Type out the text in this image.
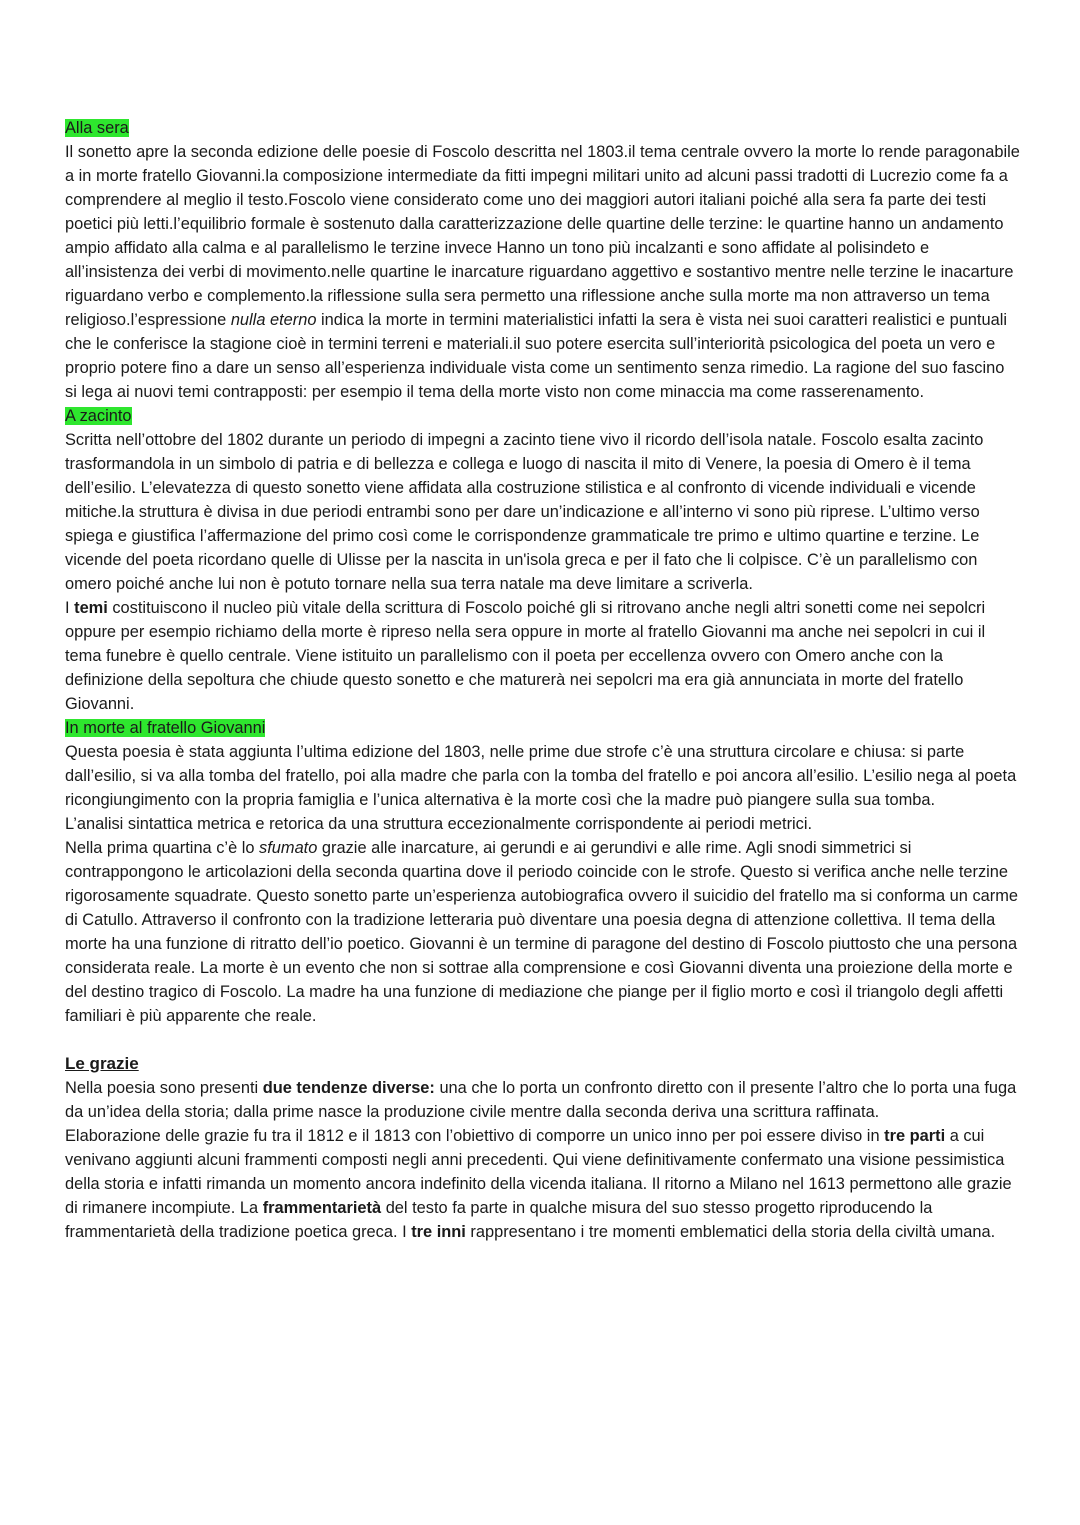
Alla sera

Il sonetto apre la seconda edizione delle poesie di Foscolo descritta nel 1803.il tema centrale ovvero la morte lo rende paragonabile a in morte fratello Giovanni.la composizione intermediate da fitti impegni militari unito ad alcuni passi tradotti di Lucrezio come fa a comprendere al meglio il testo.Foscolo viene considerato come uno dei maggiori autori italiani poiché alla sera fa parte dei testi poetici più letti.l’equilibrio formale è sostenuto dalla caratterizzazione delle quartine delle terzine: le quartine hanno un andamento ampio affidato alla calma e al parallelismo le terzine invece Hanno un tono più incalzanti e sono affidate al polisindeto e all’insistenza dei verbi di movimento.nelle quartine le inarcature riguardano aggettivo e sostantivo mentre nelle terzine le inacarture riguardano verbo e complemento.la riflessione sulla sera permetto una riflessione anche sulla morte ma non attraverso un tema religioso.l’espressione nulla eterno indica la morte in termini materialistici infatti la sera è vista nei suoi caratteri realistici e puntuali che le conferisce la stagione cioè in termini terreni e materiali.il suo potere esercita sull’interiorità psicologica del poeta un vero e proprio potere fino a dare un senso all’esperienza individuale vista come un sentimento senza rimedio. La ragione del suo fascino si lega ai nuovi temi contrapposti: per esempio il tema della morte visto non come minaccia ma come rasserenamento.

A zacinto

Scritta nell’ottobre del 1802 durante un periodo di impegni a zacinto tiene vivo il ricordo dell’isola natale. Foscolo esalta zacinto trasformandola in un simbolo di patria e di bellezza e collega e luogo di nascita il mito di Venere, la poesia di Omero è il tema dell’esilio. L’elevatezza di questo sonetto viene affidata alla costruzione stilistica e al confronto di vicende individuali e vicende mitiche.la struttura è divisa in due periodi entrambi sono per dare un’indicazione e all’interno vi sono più riprese. L’ultimo verso spiega e giustifica l’affermazione del primo così come le corrispondenze grammaticale tre primo e ultimo quartine e terzine. Le vicende del poeta ricordano quelle di Ulisse per la nascita in un'isola greca e per il fato che li colpisce. C’è un parallelismo con omero poiché anche lui non è potuto tornare nella sua terra natale ma deve limitare a scriverla.

I temi costituiscono il nucleo più vitale della scrittura di Foscolo poiché gli si ritrovano anche negli altri sonetti come nei sepolcri oppure per esempio richiamo della morte è ripreso nella sera oppure in morte al fratello Giovanni ma anche nei sepolcri in cui il tema funebre è quello centrale. Viene istituito un parallelismo con il poeta per eccellenza ovvero con Omero anche con la definizione della sepoltura che chiude questo sonetto e che maturerà nei sepolcri ma era già annunciata in morte del fratello Giovanni.

In morte al fratello Giovanni

Questa poesia è stata aggiunta l’ultima edizione del 1803, nelle prime due strofe c’è una struttura circolare e chiusa: si parte dall’esilio, si va alla tomba del fratello, poi alla madre che parla con la tomba del fratello e poi ancora all’esilio. L’esilio nega al poeta ricongiungimento con la propria famiglia e l’unica alternativa è la morte così che la madre può piangere sulla sua tomba.

L’analisi sintattica metrica e retorica da una struttura eccezionalmente corrispondente ai periodi metrici.

Nella prima quartina c’è lo sfumato grazie alle inarcature, ai gerundi e ai gerundivi e alle rime. Agli snodi simmetrici si contrappongono le articolazioni della seconda quartina dove il periodo coincide con le strofe. Questo si verifica anche nelle terzine rigorosamente squadrate. Questo sonetto parte un’esperienza autobiografica ovvero il suicidio del fratello ma si conforma un carme di Catullo. Attraverso il confronto con la tradizione letteraria può diventare una poesia degna di attenzione collettiva. Il tema della morte ha una funzione di ritratto dell’io poetico. Giovanni è un termine di paragone del destino di Foscolo piuttosto che una persona considerata reale. La morte è un evento che non si sottrae alla comprensione e così Giovanni diventa una proiezione della morte e del destino tragico di Foscolo. La madre ha una funzione di mediazione che piange per il figlio morto e così il triangolo degli affetti familiari è più apparente che reale.

Le grazie

Nella poesia sono presenti due tendenze diverse: una che lo porta un confronto diretto con il presente l’altro che lo porta una fuga da un’idea della storia; dalla prime nasce la produzione civile mentre dalla seconda deriva una scrittura raffinata.

Elaborazione delle grazie fu tra il 1812 e il 1813 con l’obiettivo di comporre un unico inno per poi essere diviso in tre parti a cui venivano aggiunti alcuni frammenti composti negli anni precedenti. Qui viene definitivamente confermato una visione pessimistica della storia e infatti rimanda un momento ancora indefinito della vicenda italiana. Il ritorno a Milano nel 1613 permettono alle grazie di rimanere incompiute. La frammentarietà del testo fa parte in qualche misura del suo stesso progetto riproducendo la frammentarietà della tradizione poetica greca. I tre inni rappresentano i tre momenti emblematici della storia della civiltà umana.
